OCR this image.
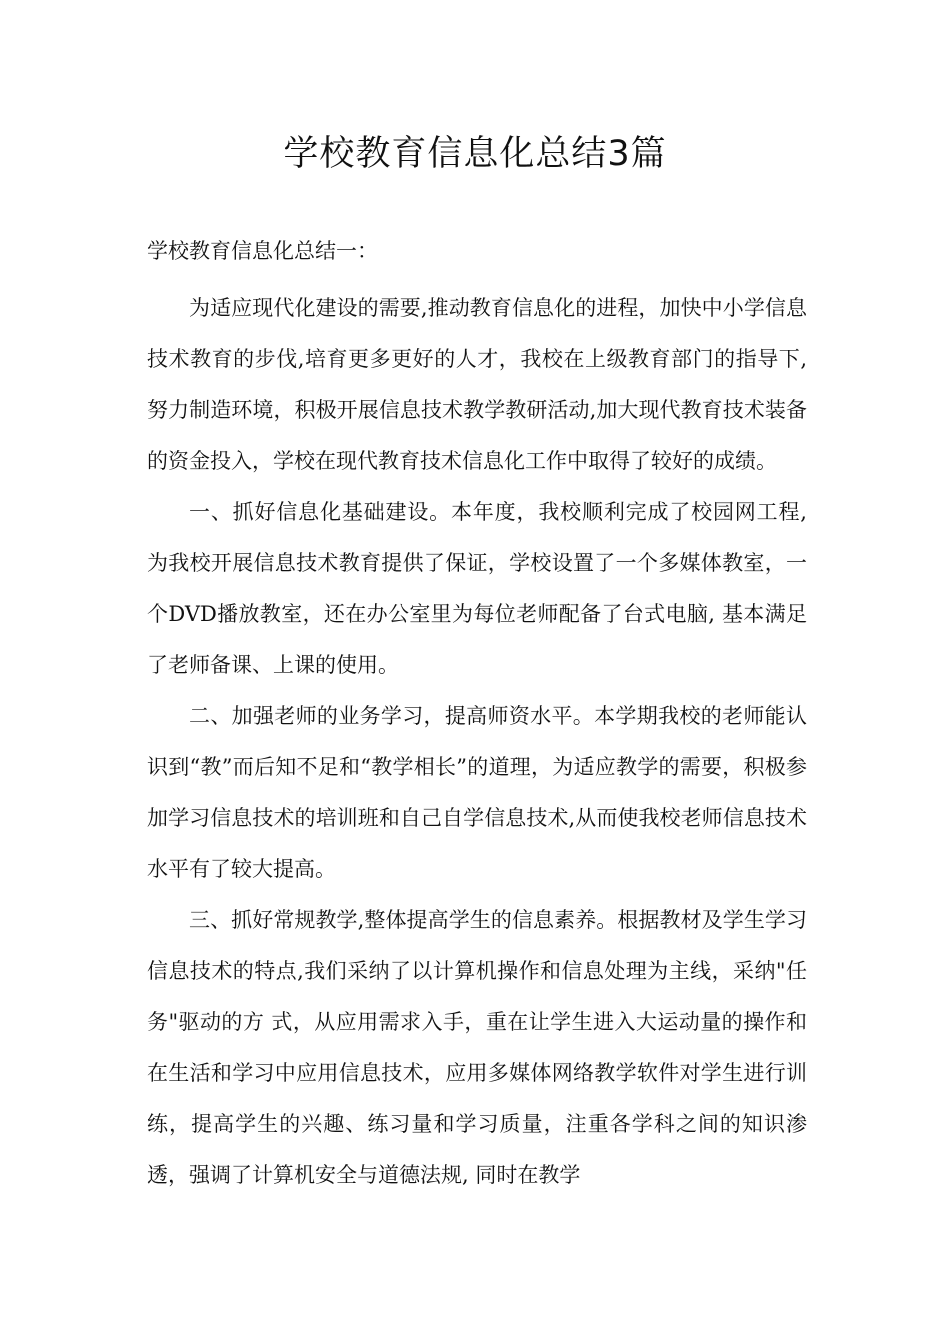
学校教育信息化总结3篇

学校教育信息化总结一：

为适应现代化建设的需要,推动教育信息化的进程，加快中小学信息技术教育的步伐,培育更多更好的人才，我校在上级教育部门的指导下, 努力制造环境，积极开展信息技术教学教研活动,加大现代教育技术装备的资金投入，学校在现代教育技术信息化工作中取得了较好的成绩。

一、抓好信息化基础建设。本年度，我校顺利完成了校园网工程, 为我校开展信息技术教育提供了保证，学校设置了一个多媒体教室，一个DVD播放教室，还在办公室里为每位老师配备了台式电脑, 基本满足了老师备课、上课的使用。

二、加强老师的业务学习，提高师资水平。本学期我校的老师能认识到“教”而后知不足和“教学相长”的道理，为适应教学的需要，积极参加学习信息技术的培训班和自己自学信息技术,从而使我校老师信息技术水平有了较大提高。

三、抓好常规教学,整体提高学生的信息素养。根据教材及学生学习信息技术的特点,我们采纳了以计算机操作和信息处理为主线，采纳"任务"驱动的方 式，从应用需求入手，重在让学生进入大运动量的操作和在生活和学习中应用信息技术，应用多媒体网络教学软件对学生进行训练，提高学生的兴趣、练习量和学习质量，注重各学科之间的知识渗透，强调了计算机安全与道德法规, 同时在教学
